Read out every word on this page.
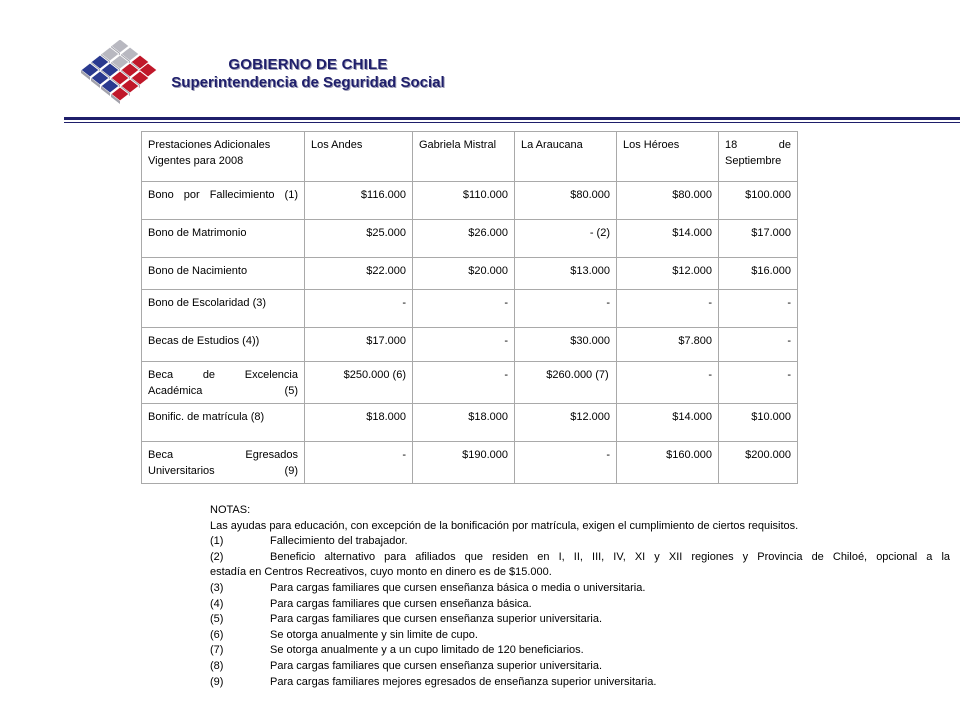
GOBIERNO DE CHILE
Superintendencia de Seguridad Social
Prestaciones Adicionales Vigentes para 2008	Los Andes	Gabriela Mistral	La Araucana	Los Héroes	18 de Septiembre

Bono por Fallecimiento (1)	$116.000	$110.000	$80.000	$80.000	$100.000
Bono de Matrimonio	$25.000	$26.000	- (2)	$14.000	$17.000
Bono de Nacimiento	$22.000	$20.000	$13.000	$12.000	$16.000
Bono de Escolaridad (3)	-	-	-	-	-
Becas de Estudios (4))	$17.000	-	$30.000	$7.800	-
Beca de Excelencia Académica (5)	$250.000 (6)	-	$260.000 (7)	-	-
Bonific. de matrícula (8)	$18.000	$18.000	$12.000	$14.000	$10.000
Beca Egresados Universitarios (9)	-	$190.000	-	$160.000	$200.000
NOTAS:
Las ayudas para educación, con excepción de la bonificación por matrícula, exigen el cumplimiento de ciertos requisitos.
(1)	Fallecimiento del trabajador.
(2)	Beneficio alternativo para afiliados que residen en I, II, III, IV, XI y XII regiones y Provincia de Chiloé, opcional a la
estadía en Centros Recreativos, cuyo monto en dinero es de $15.000.
(3)	Para cargas familiares que cursen enseñanza básica o media o universitaria.
(4)	Para cargas familiares que cursen enseñanza básica.
(5)	Para cargas familiares que cursen enseñanza superior universitaria.
(6)	Se otorga anualmente y sin limite de cupo.
(7)	Se otorga anualmente y a un cupo limitado de 120 beneficiarios.
(8)	Para cargas familiares que cursen enseñanza superior universitaria.
(9)	Para cargas familiares mejores egresados de enseñanza superior universitaria.
